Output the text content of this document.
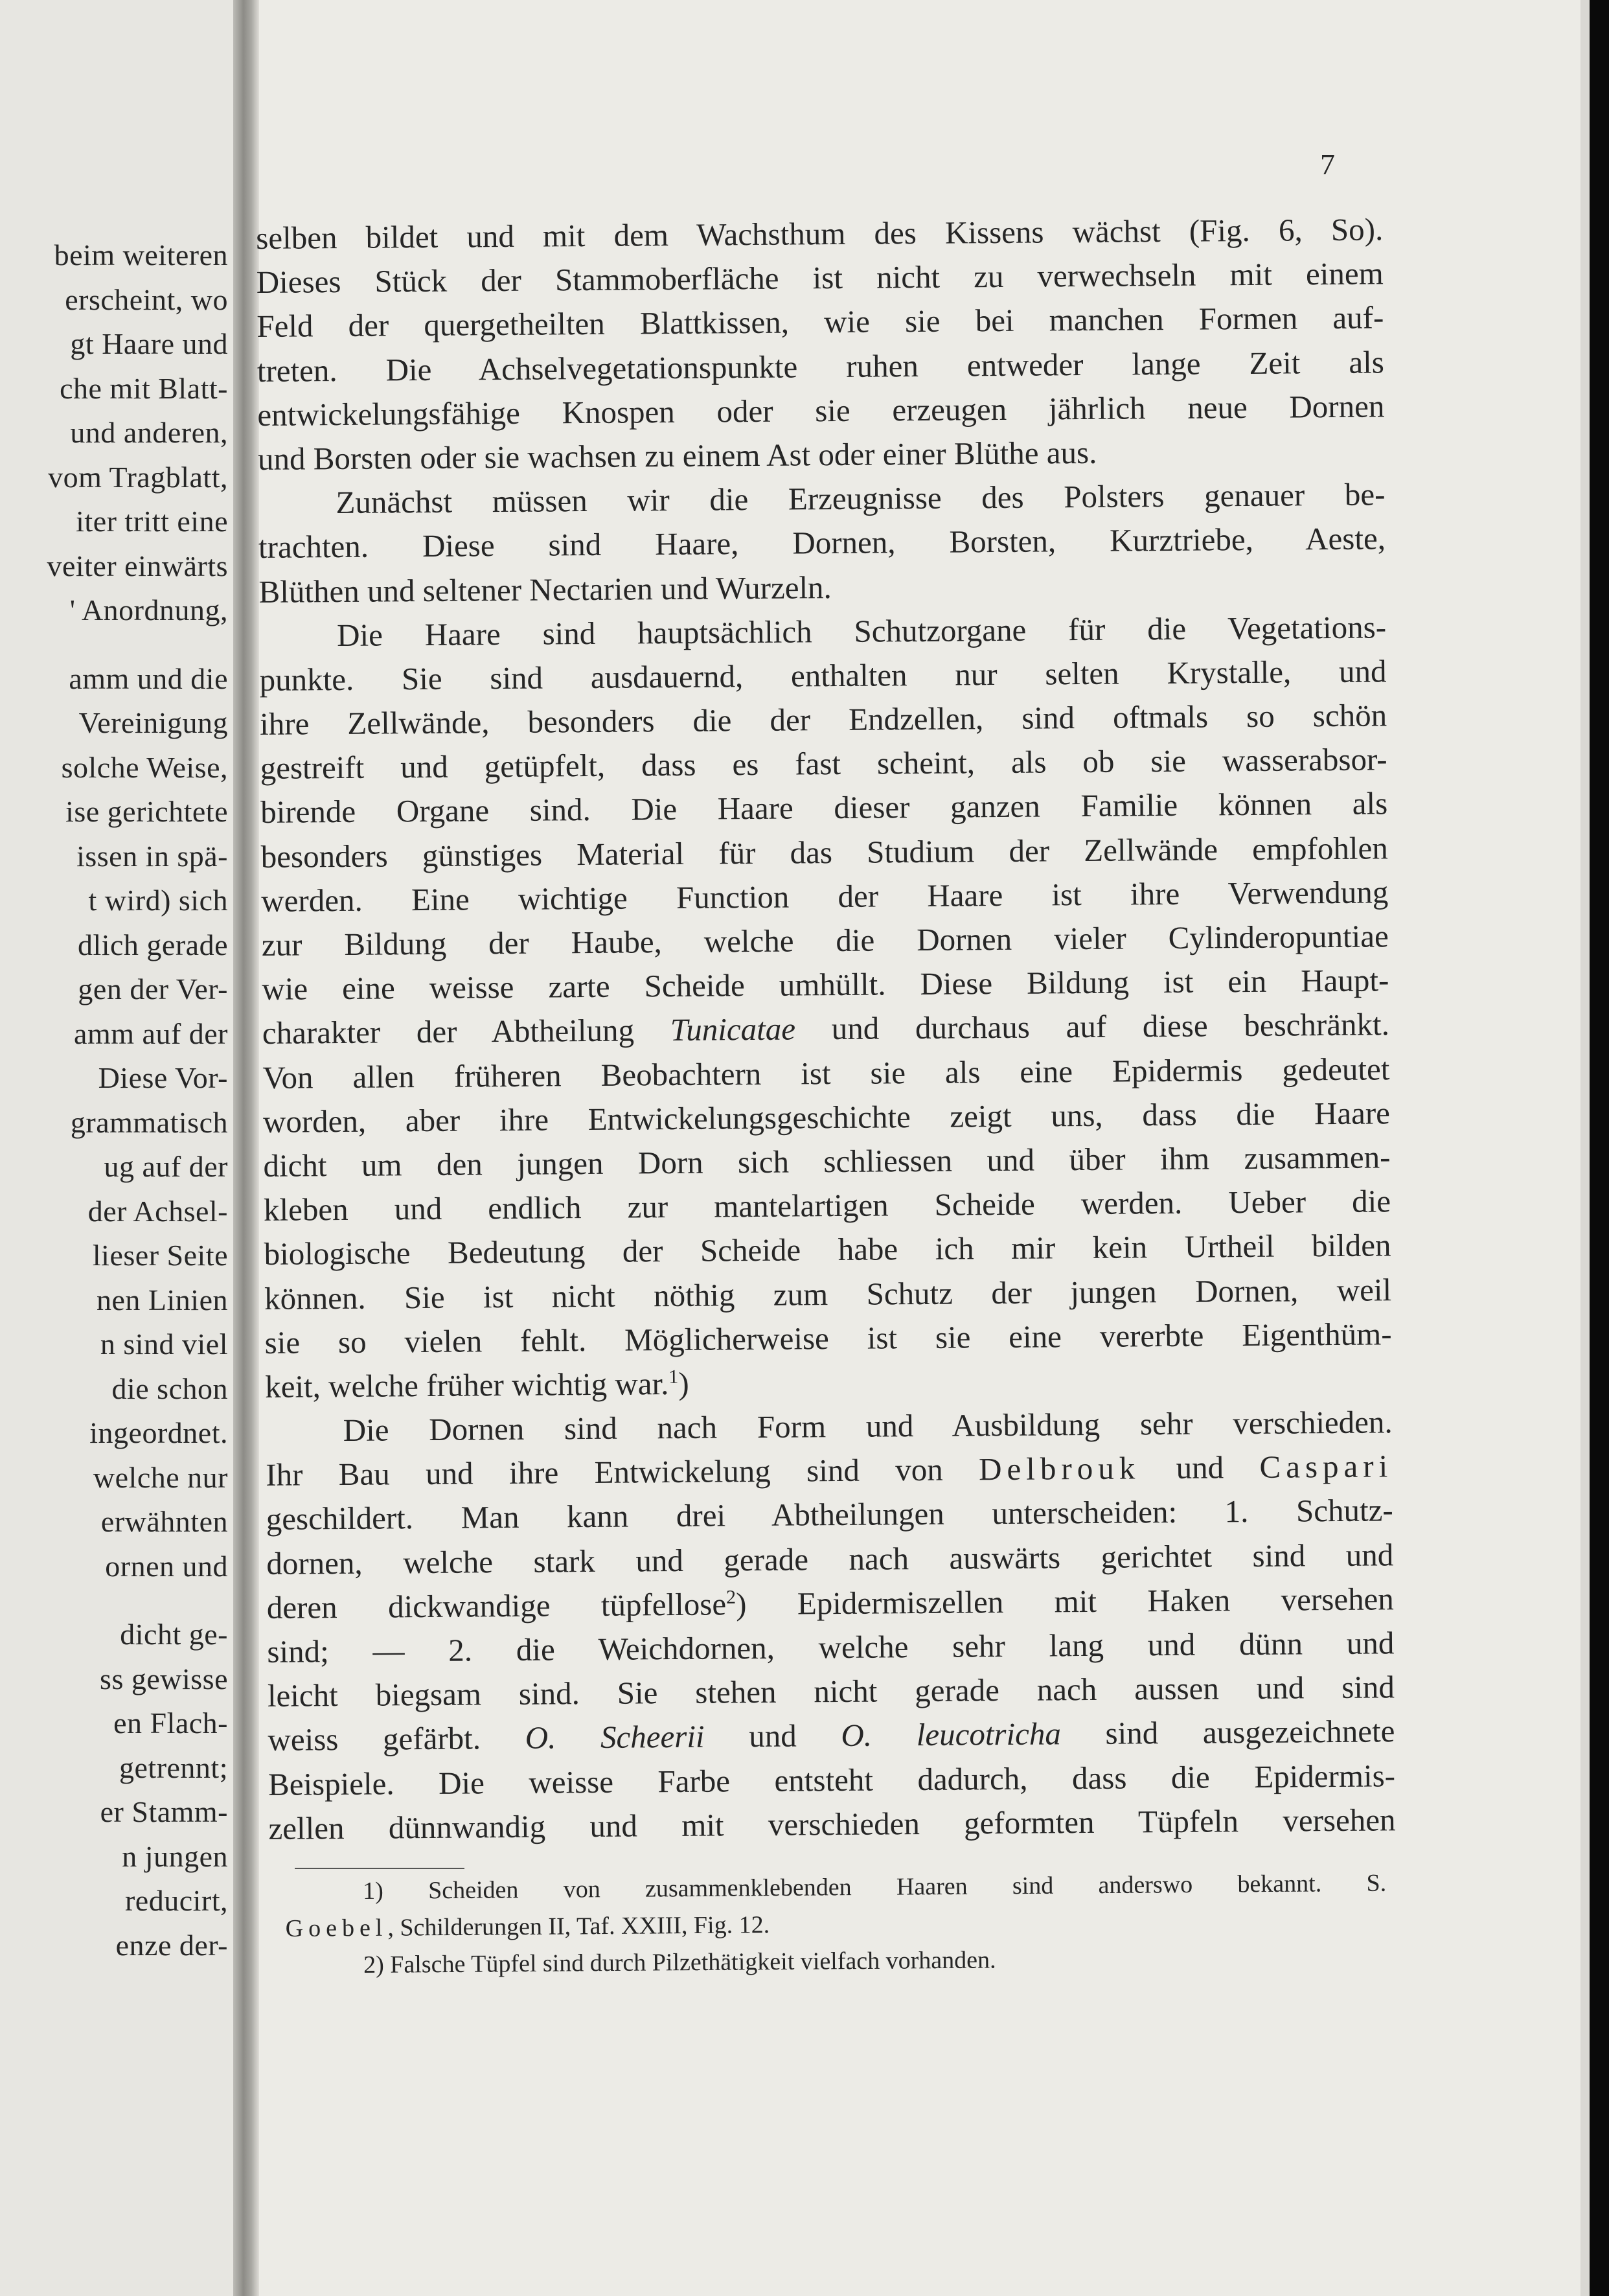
beim weiteren
erscheint, wo
gt Haare und
che mit Blatt-
und anderen,
vom Tragblatt,
iter tritt eine
veiter einwärts
' Anordnung,
amm und die
Vereinigung
solche Weise,
ise gerichtete
issen in spä-
t wird) sich
dlich gerade
gen der Ver-
amm auf der
Diese Vor-
grammatisch
ug auf der
der Achsel-
lieser Seite
nen Linien
n sind viel
die schon
ingeordnet.
welche nur
erwähnten
ornen und
dicht ge-
ss gewisse
en Flach-
getrennt;
er Stamm-
n jungen
reducirt,
enze der-
7
selben bildet und mit dem Wachsthum des Kissens wächst (Fig. 6, So).
Dieses Stück der Stammoberfläche ist nicht zu verwechseln mit einem
Feld der quergetheilten Blattkissen, wie sie bei manchen Formen auf-
treten. Die Achselvegetationspunkte ruhen entweder lange Zeit als
entwickelungsfähige Knospen oder sie erzeugen jährlich neue Dornen
und Borsten oder sie wachsen zu einem Ast oder einer Blüthe aus.
Zunächst müssen wir die Erzeugnisse des Polsters genauer be-
trachten. Diese sind Haare, Dornen, Borsten, Kurztriebe, Aeste,
Blüthen und seltener Nectarien und Wurzeln.
Die Haare sind hauptsächlich Schutzorgane für die Vegetations-
punkte. Sie sind ausdauernd, enthalten nur selten Krystalle, und
ihre Zellwände, besonders die der Endzellen, sind oftmals so schön
gestreift und getüpfelt, dass es fast scheint, als ob sie wasserabsor-
birende Organe sind. Die Haare dieser ganzen Familie können als
besonders günstiges Material für das Studium der Zellwände empfohlen
werden. Eine wichtige Function der Haare ist ihre Verwendung
zur Bildung der Haube, welche die Dornen vieler Cylinderopuntiae
wie eine weisse zarte Scheide umhüllt. Diese Bildung ist ein Haupt-
charakter der Abtheilung Tunicatae und durchaus auf diese beschränkt.
Von allen früheren Beobachtern ist sie als eine Epidermis gedeutet
worden, aber ihre Entwickelungsgeschichte zeigt uns, dass die Haare
dicht um den jungen Dorn sich schliessen und über ihm zusammen-
kleben und endlich zur mantelartigen Scheide werden. Ueber die
biologische Bedeutung der Scheide habe ich mir kein Urtheil bilden
können. Sie ist nicht nöthig zum Schutz der jungen Dornen, weil
sie so vielen fehlt. Möglicherweise ist sie eine vererbte Eigenthüm-
keit, welche früher wichtig war.$^1$)
Die Dornen sind nach Form und Ausbildung sehr verschieden.
Ihr Bau und ihre Entwickelung sind von Delbrouk und Caspari
geschildert. Man kann drei Abtheilungen unterscheiden: 1. Schutz-
dornen, welche stark und gerade nach auswärts gerichtet sind und
deren dickwandige tüpfellose$^2$) Epidermiszellen mit Haken versehen
sind; — 2. die Weichdornen, welche sehr lang und dünn und
leicht biegsam sind. Sie stehen nicht gerade nach aussen und sind
weiss gefärbt. O. Scheerii und O. leucotricha sind ausgezeichnete
Beispiele. Die weisse Farbe entsteht dadurch, dass die Epidermis-
zellen dünnwandig und mit verschieden geformten Tüpfeln versehen
1) Scheiden von zusammenklebenden Haaren sind anderswo bekannt. S.
Goebel, Schilderungen II, Taf. XXIII, Fig. 12.
2) Falsche Tüpfel sind durch Pilzethätigkeit vielfach vorhanden.
